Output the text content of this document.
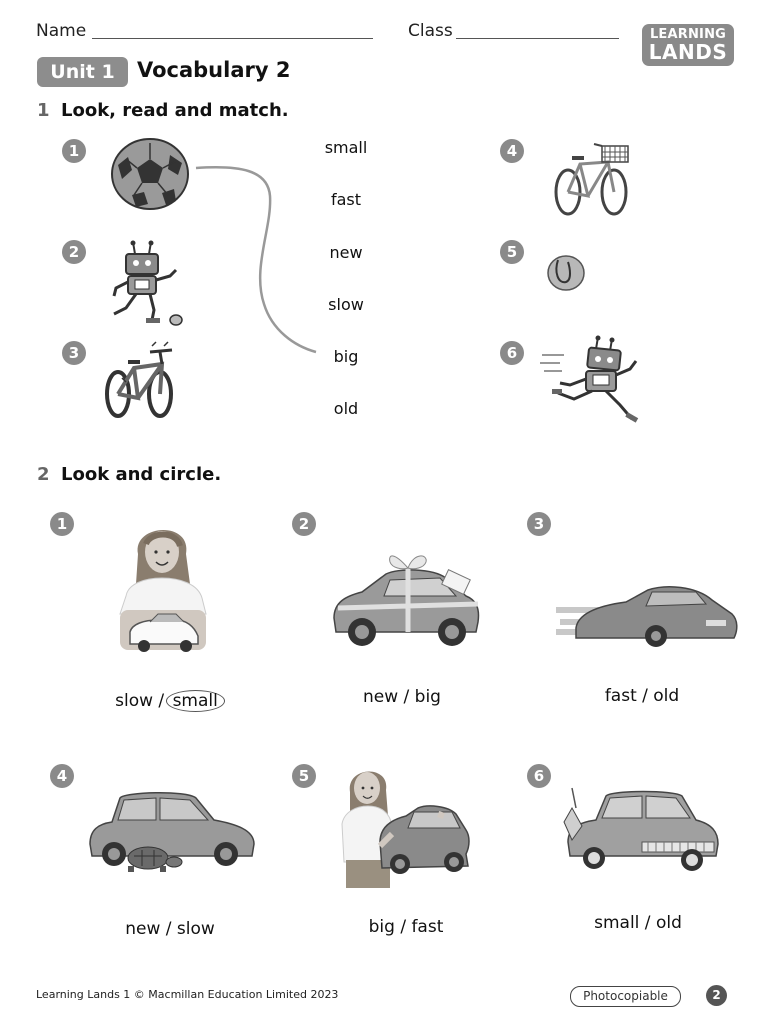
Name	Class	LEARNING
LANDS
Unit 1	Vocabulary 2
1 Look, read and match.
1
2
3
4
5
6
small
fast
new
slow
big
old
2 Look and circle.
1	2	3
4	5	6
slow / small	new / big	fast / old
new / slow	big / fast	small / old
Learning Lands 1 © Macmillan Education Limited 2023	Photocopiable	2
